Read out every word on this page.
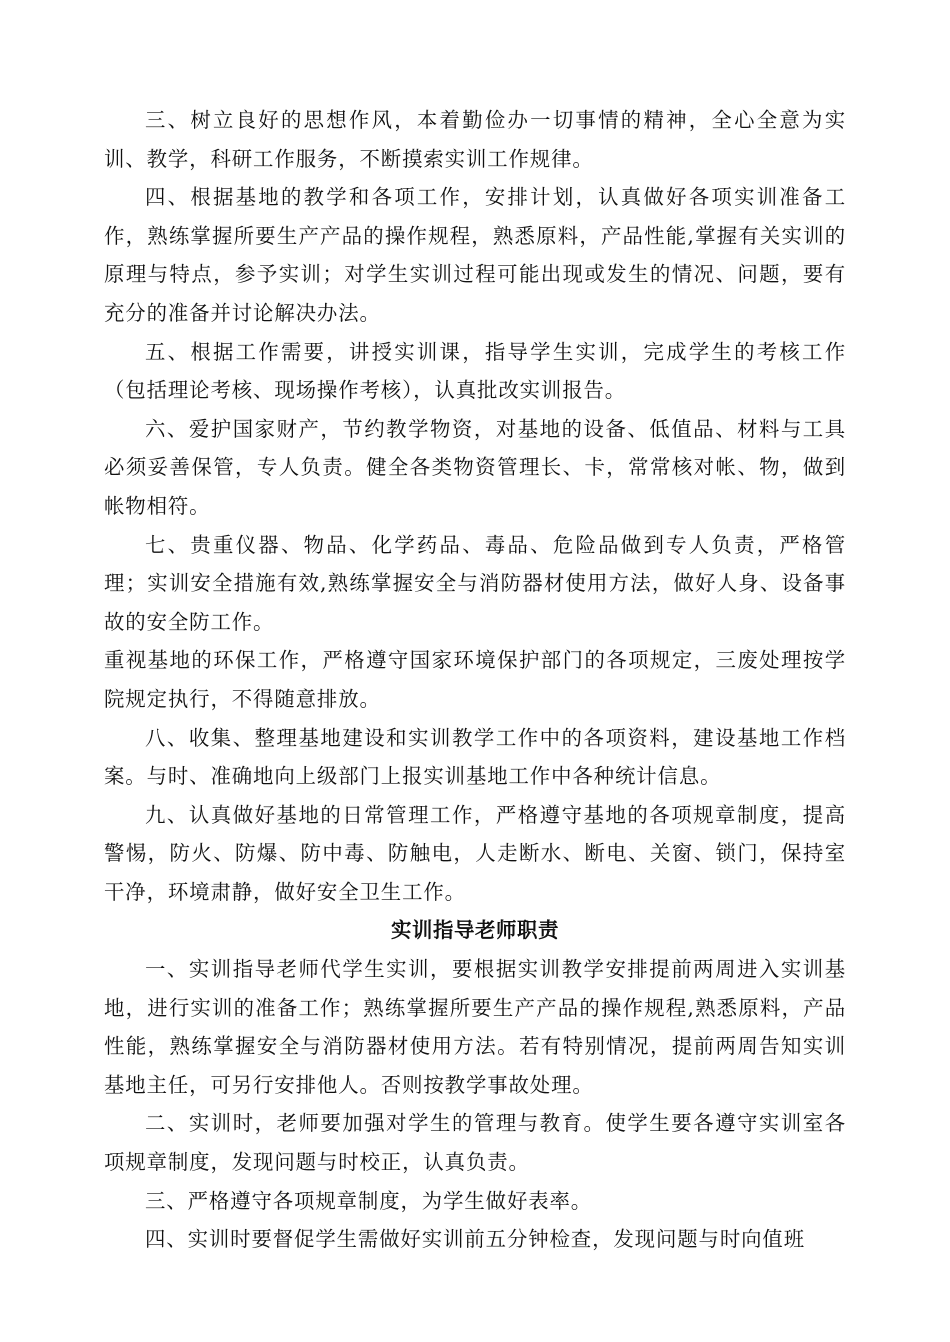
三、树立良好的思想作风，本着勤俭办一切事情的精神，全心全意为实训、教学，科研工作服务，不断摸索实训工作规律。

四、根据基地的教学和各项工作，安排计划，认真做好各项实训准备工作，熟练掌握所要生产产品的操作规程，熟悉原料，产品性能,掌握有关实训的原理与特点，参予实训；对学生实训过程可能出现或发生的情况、问题，要有充分的准备并讨论解决办法。

五、根据工作需要，讲授实训课，指导学生实训，完成学生的考核工作（包括理论考核、现场操作考核），认真批改实训报告。

六、爱护国家财产，节约教学物资，对基地的设备、低值品、材料与工具必须妥善保管，专人负责。健全各类物资管理长、卡，常常核对帐、物，做到帐物相符。

七、贵重仪器、物品、化学药品、毒品、危险品做到专人负责，严格管理；实训安全措施有效,熟练掌握安全与消防器材使用方法，做好人身、设备事故的安全防工作。

重视基地的环保工作，严格遵守国家环境保护部门的各项规定，三废处理按学院规定执行，不得随意排放。

八、收集、整理基地建设和实训教学工作中的各项资料，建设基地工作档案。与时、准确地向上级部门上报实训基地工作中各种统计信息。

九、认真做好基地的日常管理工作，严格遵守基地的各项规章制度，提高警惕，防火、防爆、防中毒、防触电，人走断水、断电、关窗、锁门，保持室干净，环境肃静，做好安全卫生工作。

实训指导老师职责

一、实训指导老师代学生实训，要根据实训教学安排提前两周进入实训基地，进行实训的准备工作；熟练掌握所要生产产品的操作规程,熟悉原料，产品性能，熟练掌握安全与消防器材使用方法。若有特别情况，提前两周告知实训基地主任，可另行安排他人。否则按教学事故处理。

二、实训时，老师要加强对学生的管理与教育。使学生要各遵守实训室各项规章制度，发现问题与时校正，认真负责。

三、严格遵守各项规章制度，为学生做好表率。

四、实训时要督促学生需做好实训前五分钟检查，发现问题与时向值班
